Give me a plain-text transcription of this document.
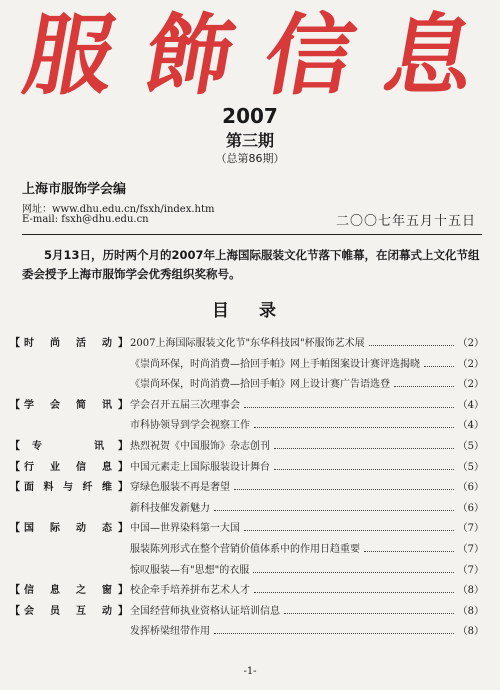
服 飾 信 息
2007
第三期
（总第86期）
上海市服饰学会编
网址：www.dhu.edu.cn/fsxh/index.htm
E-mail: fsxh@dhu.edu.cn	二〇〇七年五月十五日
5月13日，历时两个月的2007年上海国际服装文化节落下帷幕，在闭幕式上文化节组委会授予上海市服饰学会优秀组织奖称号。
目 录
【 时 尚 活 动 】 2007上海国际服装文化节"东华科技园"杯服饰艺术展	（2）
《崇尚环保，时尚消费—拾回手帕》网上手帕图案设计赛评选揭晓	（2）
《崇尚环保，时尚消费—拾回手帕》网上设计赛广告语选登	（2）
【 学 会 简 讯 】 学会召开五届三次理事会	（4）
市科协领导到学会视察工作	（4）
【 专	讯 】 热烈祝贺《中国服饰》杂志创刊	（5）
【 行 业 信 息 】 中国元素走上国际服装设计舞台	（5）
【 面 料 与 纤 维 】 穿绿色服装不再是奢望	（6）
新科技催发新魅力	（6）
【 国 际 动 态 】 中国—世界染料第一大国	（7）
服装陈列形式在整个营销价值体系中的作用日趋重要	（7）
惊叹服装—有"思想"的衣服	（7）
【 信 息 之 窗 】 校企牵手培养拼布艺术人才	（8）
【 会 员 互 动 】 全国经营师执业资格认证培训信息	（8）
发挥桥梁纽带作用	（8）
-1-
